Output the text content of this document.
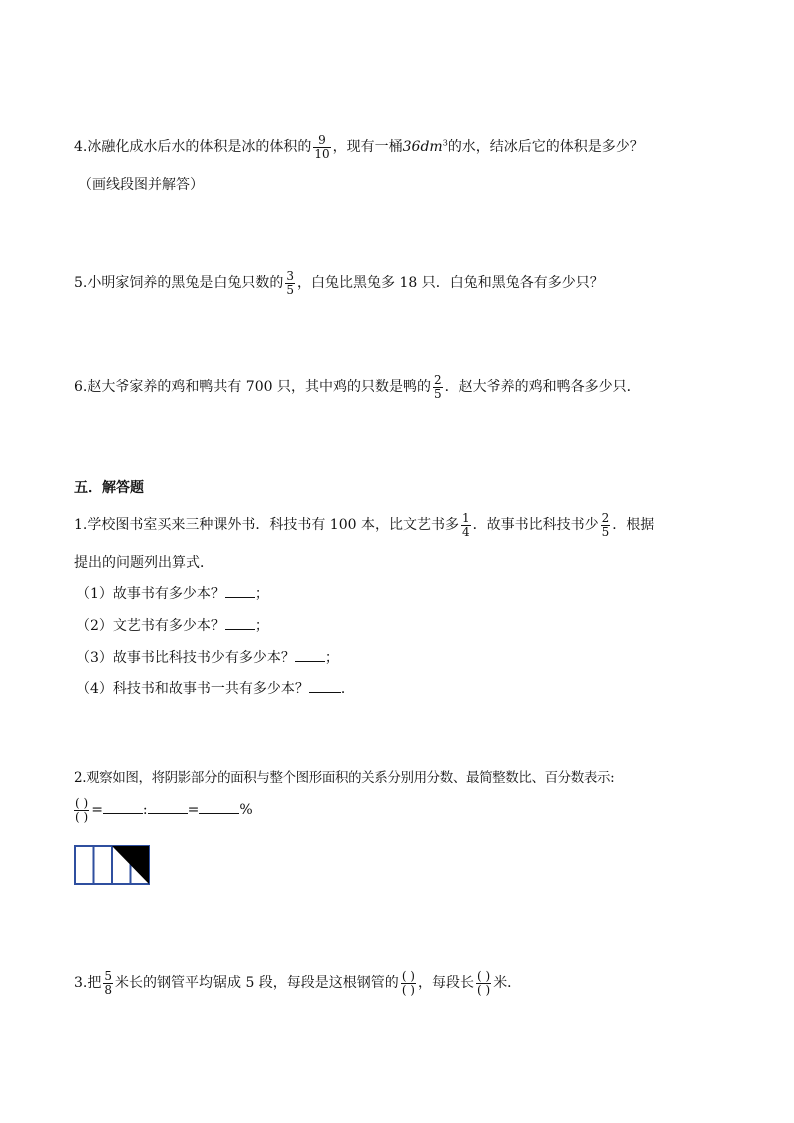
4.冰融化成水后水的体积是冰的体积的 $\frac{9}{10}$ ，现有一桶$36dm^3$的水，结冰后它的体积是多少？
（画线段图并解答）
5.小明家饲养的黑兔是白兔只数的 $\frac{3}{5}$ ，白兔比黑兔多 18 只．白兔和黑兔各有多少只？
6.赵大爷家养的鸡和鸭共有 700 只，其中鸡的只数是鸭的 $\frac{2}{5}$ ．赵大爷养的鸡和鸭各多少只．
五．解答题
1.学校图书室买来三种课外书．科技书有 100 本，比文艺书多 $\frac{1}{4}$ ．故事书比科技书少 $\frac{2}{5}$ ．根据
提出的问题列出算式．
（1）故事书有多少本？ ；
（2）文艺书有多少本？ ；
（3）故事书比科技书少有多少本？ ；
（4）科技书和故事书一共有多少本？ ．
2.观察如图，将阴影部分的面积与整个图形面积的关系分别用分数、最简整数比、百分数表示:
$\frac{( )}{( )}$ =	:	=	%
3.把 $\frac{5}{8}$ 米长的钢管平均锯成 5 段，每段是这根钢管的 $\frac{( )}{( )}$ ，每段长 $\frac{( )}{( )}$ 米．
